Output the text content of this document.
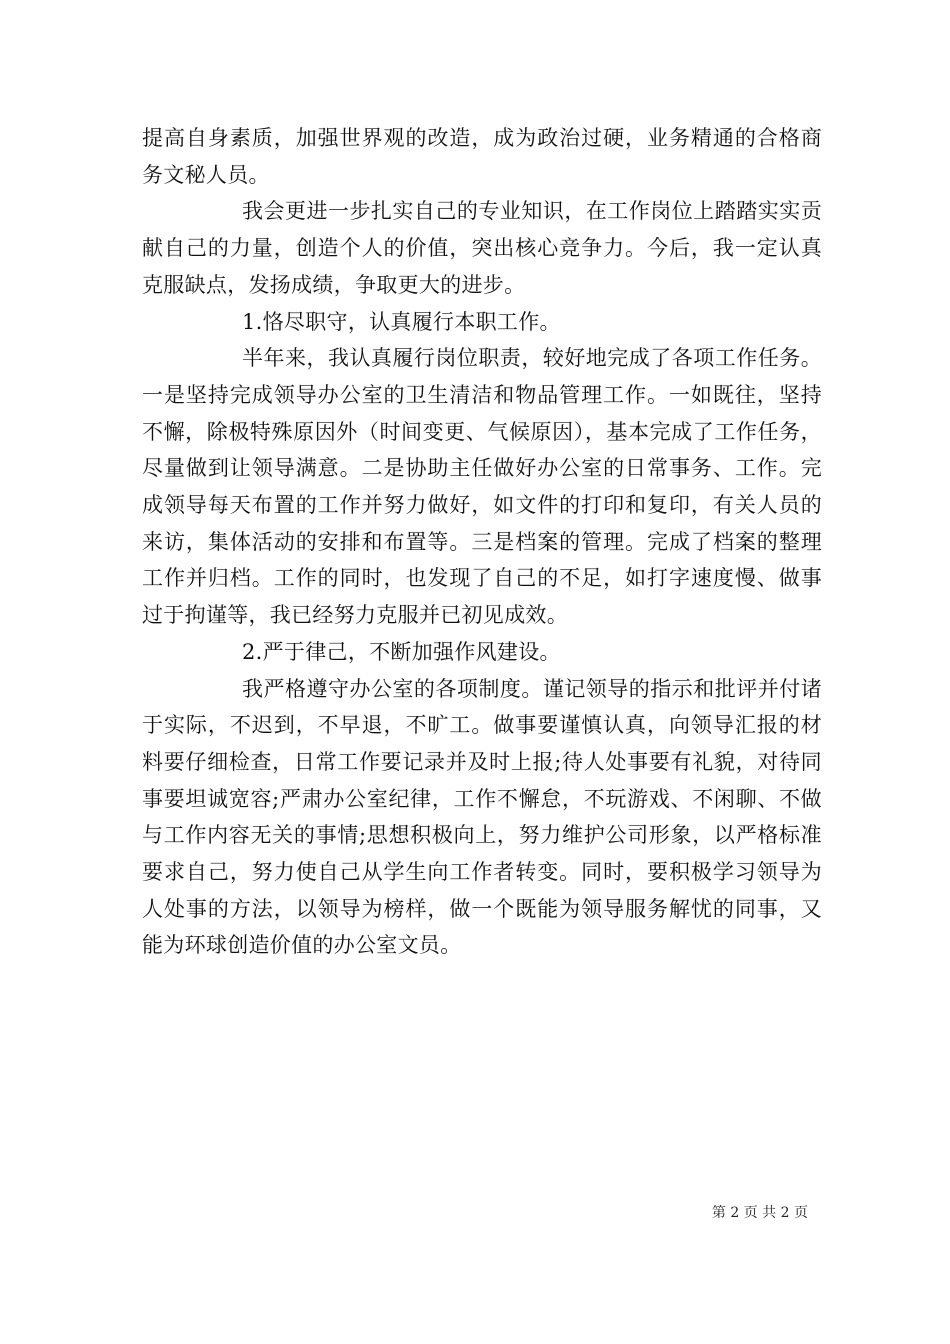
提高自身素质，加强世界观的改造，成为政治过硬，业务精通的合格商务文秘人员。

我会更进一步扎实自己的专业知识，在工作岗位上踏踏实实贡献自己的力量，创造个人的价值，突出核心竞争力。今后，我一定认真克服缺点，发扬成绩，争取更大的进步。

1.恪尽职守，认真履行本职工作。

半年来，我认真履行岗位职责，较好地完成了各项工作任务。一是坚持完成领导办公室的卫生清洁和物品管理工作。一如既往，坚持不懈，除极特殊原因外（时间变更、气候原因），基本完成了工作任务，尽量做到让领导满意。二是协助主任做好办公室的日常事务、工作。完成领导每天布置的工作并努力做好，如文件的打印和复印，有关人员的来访，集体活动的安排和布置等。三是档案的管理。完成了档案的整理工作并归档。工作的同时，也发现了自己的不足，如打字速度慢、做事过于拘谨等，我已经努力克服并已初见成效。

2.严于律己，不断加强作风建设。

我严格遵守办公室的各项制度。谨记领导的指示和批评并付诸于实际，不迟到，不早退，不旷工。做事要谨慎认真，向领导汇报的材料要仔细检查，日常工作要记录并及时上报;待人处事要有礼貌，对待同事要坦诚宽容;严肃办公室纪律，工作不懈怠，不玩游戏、不闲聊、不做与工作内容无关的事情;思想积极向上，努力维护公司形象，以严格标准要求自己，努力使自己从学生向工作者转变。同时，要积极学习领导为人处事的方法，以领导为榜样，做一个既能为领导服务解忧的同事，又能为环球创造价值的办公室文员。

第 2 页 共 2 页
